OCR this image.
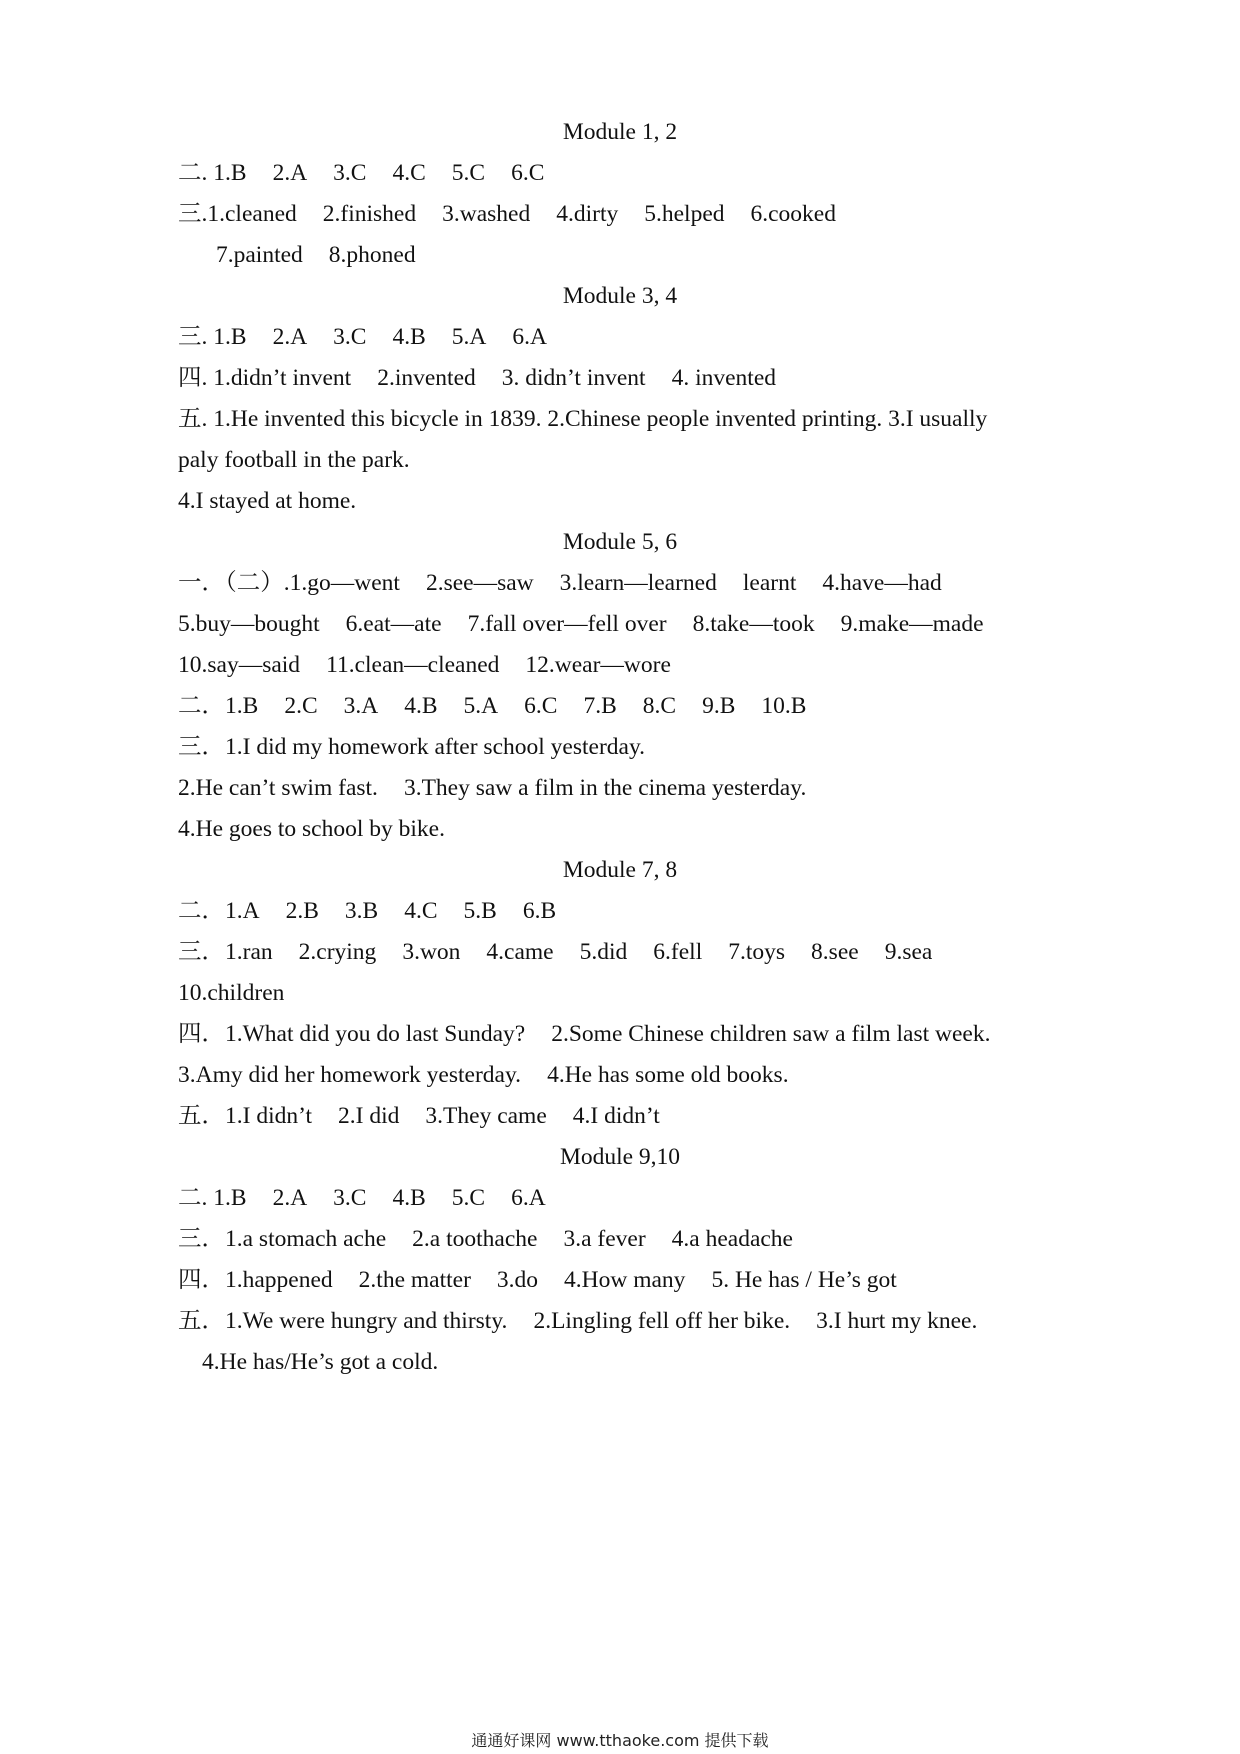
Module 1, 2
二. 1.B 2.A 3.C 4.C 5.C 6.C
三.1.cleaned 2.finished 3.washed 4.dirty 5.helped 6.cooked
7.painted 8.phoned
Module 3, 4
三. 1.B 2.A 3.C 4.B 5.A 6.A
四. 1.didn’t invent 2.invented 3. didn’t invent 4. invented
五. 1.He invented this bicycle in 1839. 2.Chinese people invented printing. 3.I usually
paly football in the park.
4.I stayed at home.
Module 5, 6
一．（二）.1.go—went 2.see—saw 3.learn—learned learnt 4.have—had
5.buy—bought 6.eat—ate 7.fall over—fell over 8.take—took 9.make—made
10.say—said 11.clean—cleaned 12.wear—wore
二．1.B 2.C 3.A 4.B 5.A 6.C 7.B 8.C 9.B 10.B
三．1.I did my homework after school yesterday.
2.He can’t swim fast. 3.They saw a film in the cinema yesterday.
4.He goes to school by bike.
Module 7, 8
二．1.A 2.B 3.B 4.C 5.B 6.B
三．1.ran 2.crying 3.won 4.came 5.did 6.fell 7.toys 8.see 9.sea
10.children
四．1.What did you do last Sunday? 2.Some Chinese children saw a film last week.
3.Amy did her homework yesterday. 4.He has some old books.
五．1.I didn’t 2.I did 3.They came 4.I didn’t
Module 9,10
二. 1.B 2.A 3.C 4.B 5.C 6.A
三．1.a stomach ache 2.a toothache 3.a fever 4.a headache
四．1.happened 2.the matter 3.do 4.How many 5. He has / He’s got
五．1.We were hungry and thirsty. 2.Lingling fell off her bike. 3.I hurt my knee.
4.He has/He’s got a cold.
通通好课网 www.tthaoke.com 提供下载
